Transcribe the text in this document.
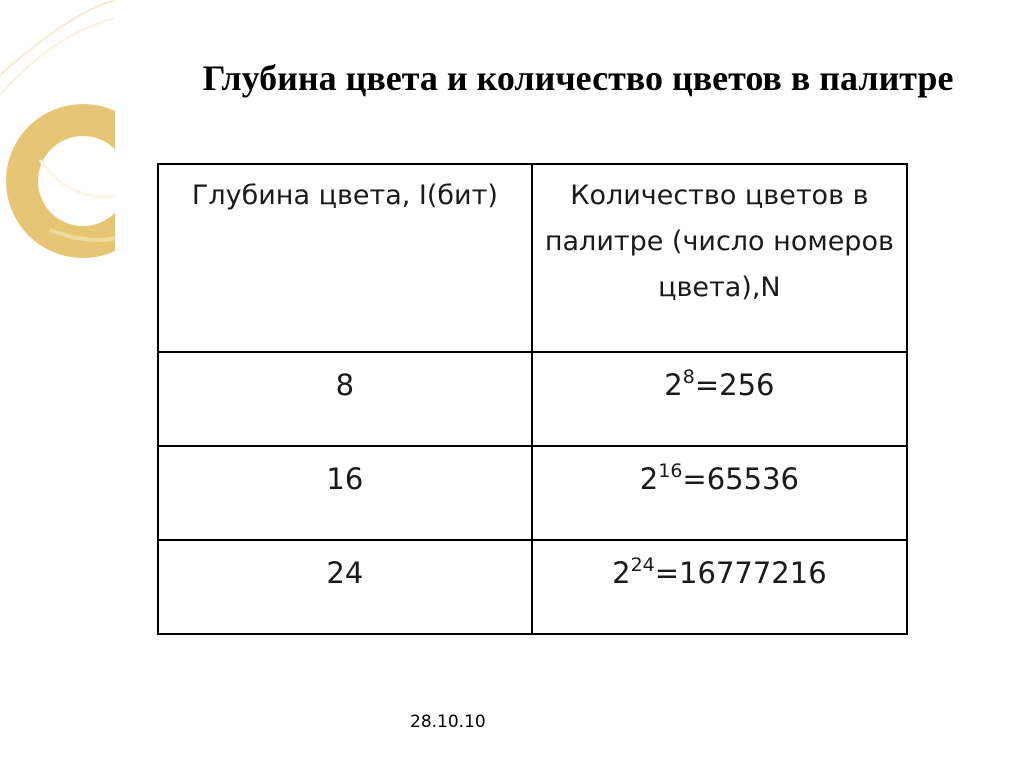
Глубина цвета и количество цветов в палитре
Глубина цвета, I(бит)	Количество цветов в палитре (число номеров цвета),N
8	$2^8=256$
16	$2^{16}=65536$
24	$2^{24}=16777216$
28.10.10
